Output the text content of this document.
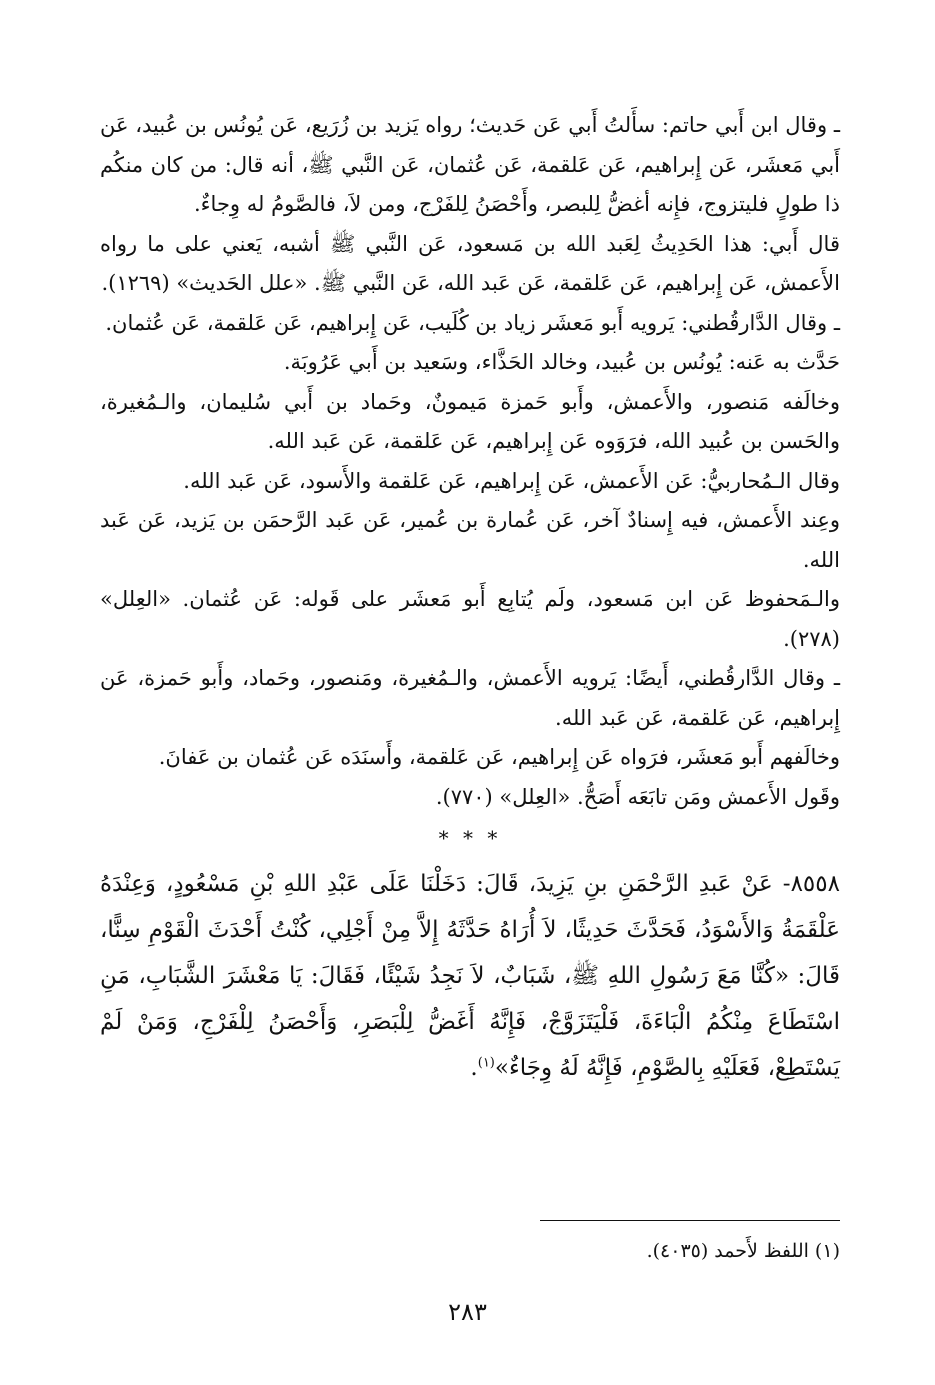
ـ وقال ابن أَبي حاتم: سأَلتُ أَبي عَن حَديث؛ رواه يَزيد بن زُرَيع، عَن يُونُس بن عُبيد، عَن أَبي مَعشَر، عَن إِبراهيم، عَن عَلقمة، عَن عُثمان، عَن النَّبي ﷺ، أنه قال: من كان منكُم ذا طولٍ فليتزوج، فإِنه أغضُّ لِلبصر، وأَحْصَنُ لِلفَرْج، ومن لاَ، فالصَّومُ له وِجاءٌ.

قال أَبي: هذا الحَدِيثُ لِعَبد الله بن مَسعود، عَن النَّبي ﷺ أشبه، يَعني على ما رواه الأَعمش، عَن إِبراهيم، عَن عَلقمة، عَن عَبد الله، عَن النَّبي ﷺ. «علل الحَديث» (١٢٦٩).

ـ وقال الدَّارقُطني: يَرويه أَبو مَعشَر زياد بن كُلَيب، عَن إِبراهيم، عَن عَلقمة، عَن عُثمان.

حَدَّث به عَنه: يُونُس بن عُبيد، وخالد الحَذَّاء، وسَعيد بن أَبي عَرُوبَة.

وخالَفه مَنصور، والأَعمش، وأَبو حَمزة مَيمونٌ، وحَماد بن أَبي سُليمان، والـمُغيرة، والحَسن بن عُبيد الله، فرَوَوه عَن إِبراهيم، عَن عَلقمة، عَن عَبد الله.

وقال الـمُحاربيُّ: عَن الأَعمش، عَن إِبراهيم، عَن عَلقمة والأَسود، عَن عَبد الله.

وعِند الأَعمش، فيه إِسنادٌ آخر، عَن عُمارة بن عُمير، عَن عَبد الرَّحمَن بن يَزيد، عَن عَبد الله.

والـمَحفوظ عَن ابن مَسعود، ولَم يُتابِع أَبو مَعشَر على قَوله: عَن عُثمان. «العِلل» (٢٧٨).

ـ وقال الدَّارقُطني، أَيضًا: يَرويه الأَعمش، والـمُغيرة، ومَنصور، وحَماد، وأَبو حَمزة، عَن إِبراهيم، عَن عَلقمة، عَن عَبد الله.

وخالَفهم أَبو مَعشَر، فرَواه عَن إِبراهيم، عَن عَلقمة، وأَسنَدَه عَن عُثمان بن عَفانَ.

وقَول الأَعمش ومَن تابَعَه أَصَحُّ. «العِلل» (٧٧٠).

* * *

٨٥٥٨- عَنْ عَبدِ الرَّحْمَنِ بنِ يَزِيدَ، قَالَ: دَخَلْنَا عَلَى عَبْدِ اللهِ بْنِ مَسْعُودٍ، وَعِنْدَهُ عَلْقَمَةُ وَالأَسْوَدُ، فَحَدَّثَ حَدِيثًا، لاَ أُرَاهُ حَدَّثَهُ إِلاَّ مِنْ أَجْلِي، كُنْتُ أَحْدَثَ الْقَوْمِ سِنًّا، قَالَ: «كُنَّا مَعَ رَسُولِ اللهِ ﷺ، شَبَابٌ، لاَ نَجِدُ شَيْئًا، فَقَالَ: يَا مَعْشَرَ الشَّبَابِ، مَنِ اسْتَطَاعَ مِنْكُمُ الْبَاءَةَ، فَلْيَتَزَوَّجْ، فَإِنَّهُ أَغَضُّ لِلْبَصَرِ، وَأَحْصَنُ لِلْفَرْجِ، وَمَنْ لَمْ يَسْتَطِعْ، فَعَلَيْهِ بِالصَّوْمِ، فَإِنَّهُ لَهُ وِجَاءٌ»$^{(١)}$.

(١) اللفظ لأَحمد (٤٠٣٥).
٢٨٣
